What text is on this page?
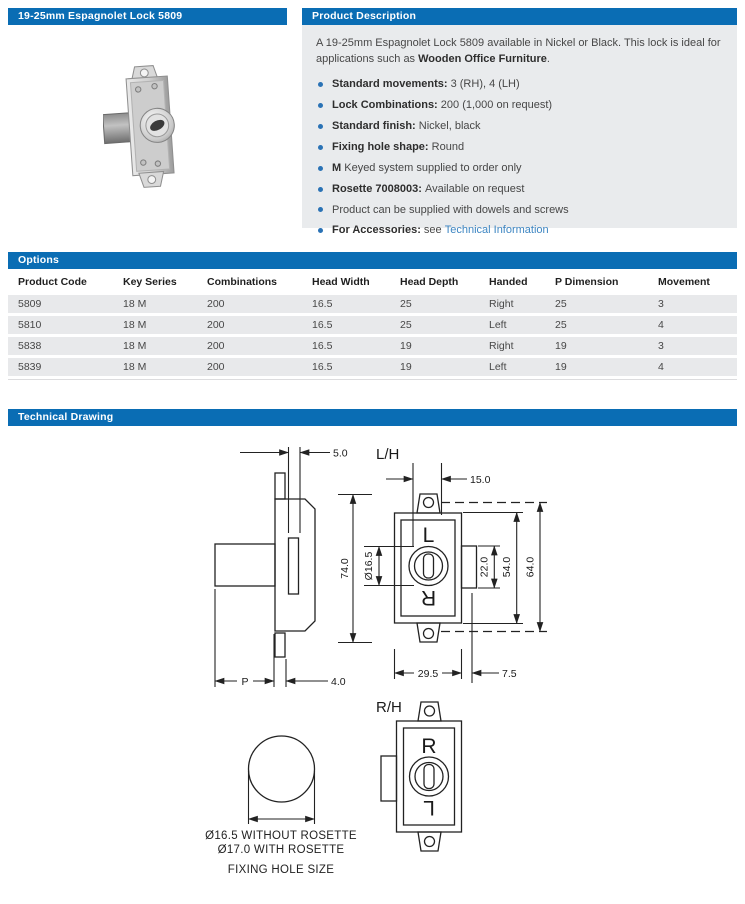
19-25mm Espagnolet Lock 5809	Product Description
A 19-25mm Espagnolet Lock 5809 available in Nickel or Black. This lock is ideal for applications such as Wooden Office Furniture.
Standard movements: 3 (RH), 4 (LH)
Lock Combinations: 200 (1,000 on request)
Standard finish: Nickel, black
Fixing hole shape: Round
M Keyed system supplied to order only
Rosette 7008003: Available on request
Product can be supplied with dowels and screws
For Accessories: see Technical Information
Options
Product Code	Key Series	Combinations	Head Width	Head Depth	Handed	P Dimension	Movement
5809	18 M	200	16.5	25	Right	25	3
5810	18 M	200	16.5	25	Left	25	4
5838	18 M	200	16.5	19	Right	19	3
5839	18 M	200	16.5	19	Left	19	4
Technical Drawing
5.0
74.0
P	4.0
L/H
L
R
15.0
Ø16.5	22.0 54.0 64.0
29.5	7.5
R/H
R
L
Ø16.5 WITHOUT ROSETTE
Ø17.0 WITH ROSETTE
FIXING HOLE SIZE
